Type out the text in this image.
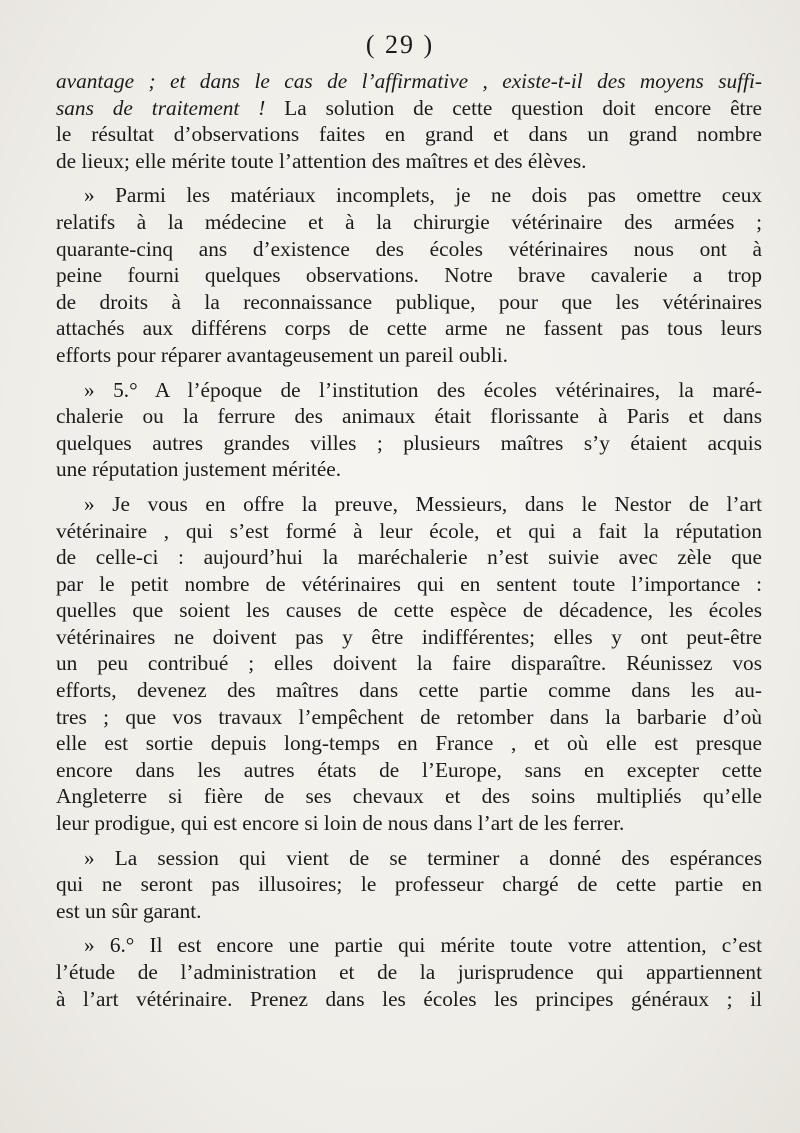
( 29 )
avantage ; et dans le cas de l’affirmative , existe-t-il des moyens suffi-
sans de traitement ! La solution de cette question doit encore être
le résultat d’observations faites en grand et dans un grand nombre
de lieux; elle mérite toute l’attention des maîtres et des élèves.
» Parmi les matériaux incomplets, je ne dois pas omettre ceux
relatifs à la médecine et à la chirurgie vétérinaire des armées ;
quarante-cinq ans d’existence des écoles vétérinaires nous ont à
peine fourni quelques observations. Notre brave cavalerie a trop
de droits à la reconnaissance publique, pour que les vétérinaires
attachés aux différens corps de cette arme ne fassent pas tous leurs
efforts pour réparer avantageusement un pareil oubli.
» 5.° A l’époque de l’institution des écoles vétérinaires, la maré-
chalerie ou la ferrure des animaux était florissante à Paris et dans
quelques autres grandes villes ; plusieurs maîtres s’y étaient acquis
une réputation justement méritée.
» Je vous en offre la preuve, Messieurs, dans le Nestor de l’art
vétérinaire , qui s’est formé à leur école, et qui a fait la réputation
de celle-ci : aujourd’hui la maréchalerie n’est suivie avec zèle que
par le petit nombre de vétérinaires qui en sentent toute l’importance :
quelles que soient les causes de cette espèce de décadence, les écoles
vétérinaires ne doivent pas y être indifférentes; elles y ont peut-être
un peu contribué ; elles doivent la faire disparaître. Réunissez vos
efforts, devenez des maîtres dans cette partie comme dans les au-
tres ; que vos travaux l’empêchent de retomber dans la barbarie d’où
elle est sortie depuis long-temps en France , et où elle est presque
encore dans les autres états de l’Europe, sans en excepter cette
Angleterre si fière de ses chevaux et des soins multipliés qu’elle
leur prodigue, qui est encore si loin de nous dans l’art de les ferrer.
» La session qui vient de se terminer a donné des espérances
qui ne seront pas illusoires; le professeur chargé de cette partie en
est un sûr garant.
» 6.° Il est encore une partie qui mérite toute votre attention, c’est
l’étude de l’administration et de la jurisprudence qui appartiennent
à l’art vétérinaire. Prenez dans les écoles les principes généraux ; il
